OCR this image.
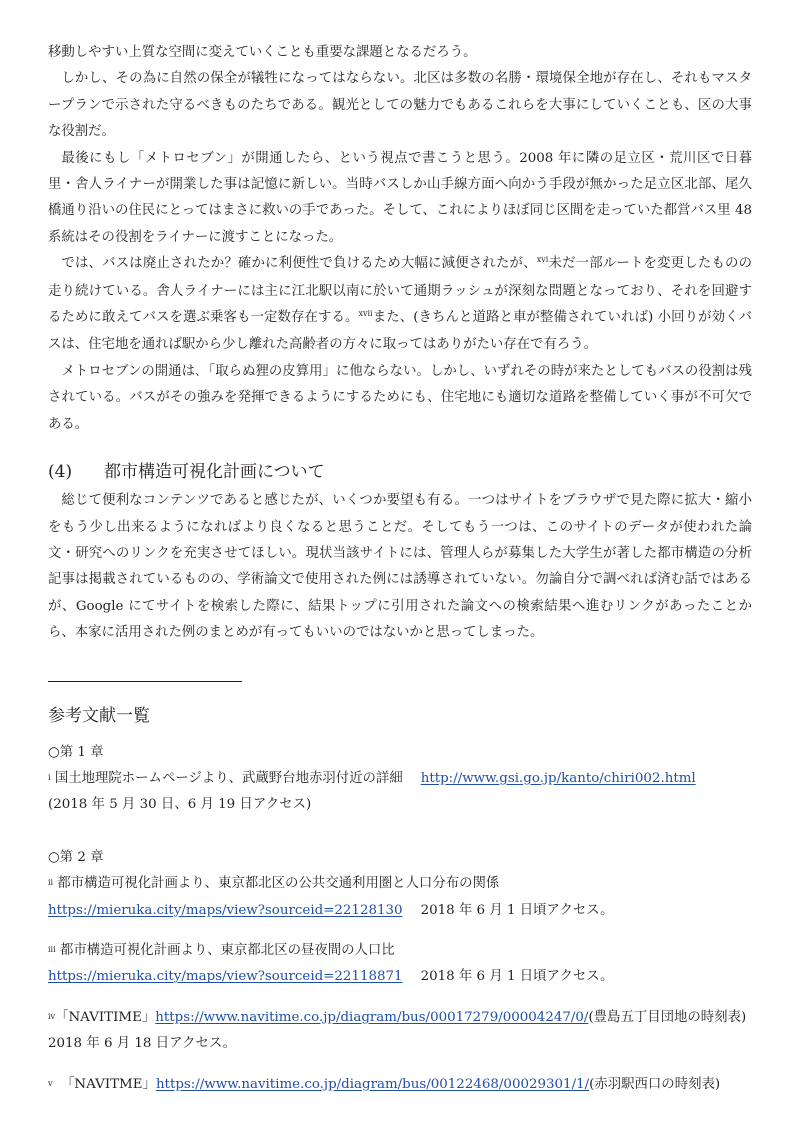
移動しやすい上質な空間に変えていくことも重要な課題となるだろう。

しかし、その為に自然の保全が犠牲になってはならない。北区は多数の名勝・環境保全地が存在し、それもマスタープランで示された守るべきものたちである。観光としての魅力でもあるこれらを大事にしていくことも、区の大事な役割だ。

最後にもし「メトロセブン」が開通したら、という視点で書こうと思う。2008 年に隣の足立区・荒川区で日暮里・舎人ライナーが開業した事は記憶に新しい。当時バスしか山手線方面へ向かう手段が無かった足立区北部、尾久橋通り沿いの住民にとってはまさに救いの手であった。そして、これによりほぼ同じ区間を走っていた都営バス里 48 系統はその役割をライナーに渡すことになった。

では、バスは廃止されたか？確かに利便性で負けるため大幅に減便されたが、$^{xvi}$未だ一部ルートを変更したものの走り続けている。舎人ライナーには主に江北駅以南に於いて通期ラッシュが深刻な問題となっており、それを回避するために敢えてバスを選ぶ乗客も一定数存在する。$^{xvii}$また、(きちんと道路と車が整備されていれば) 小回りが効くバスは、住宅地を通れば駅から少し離れた高齢者の方々に取ってはありがたい存在で有ろう。

メトロセブンの開通は､「取らぬ狸の皮算用」に他ならない。しかし、いずれその時が来たとしてもバスの役割は残されている。バスがその強みを発揮できるようにするためにも、住宅地にも適切な道路を整備していく事が不可欠である。

(4) 都市構造可視化計画について

総じて便利なコンテンツであると感じたが、いくつか要望も有る。一つはサイトをブラウザで見た際に拡大・縮小をもう少し出来るようになればより良くなると思うことだ。そしてもう一つは、このサイトのデータが使われた論文・研究へのリンクを充実させてほしい。現状当該サイトには、管理人らが募集した大学生が著した都市構造の分析記事は掲載されているものの、学術論文で使用された例には誘導されていない。勿論自分で調べれば済む話ではあるが、Google にてサイトを検索した際に、結果トップに引用された論文への検索結果へ進むリンクがあったことから、本家に活用された例のまとめが有ってもいいのではないかと思ってしまった。

参考文献一覧
○第 1 章
$^i$ 国土地理院ホームページより、武蔵野台地赤羽付近の詳細 http://www.gsi.go.jp/kanto/chiri002.html
(2018 年 5 月 30 日、6 月 19 日アクセス)
○第 2 章
$^{ii}$ 都市構造可視化計画より、東京都北区の公共交通利用圏と人口分布の関係
https://mieruka.city/maps/view?sourceid=22128130 2018 年 6 月 1 日頃アクセス。
$^{iii}$ 都市構造可視化計画より、東京都北区の昼夜間の人口比
https://mieruka.city/maps/view?sourceid=22118871 2018 年 6 月 1 日頃アクセス。
$^{iv}$「NAVITIME」https://www.navitime.co.jp/diagram/bus/00017279/00004247/0/(豊島五丁目団地の時刻表)
2018 年 6 月 18 日アクセス。
$^v$ 「NAVITME」https://www.navitime.co.jp/diagram/bus/00122468/00029301/1/(赤羽駅西口の時刻表)
